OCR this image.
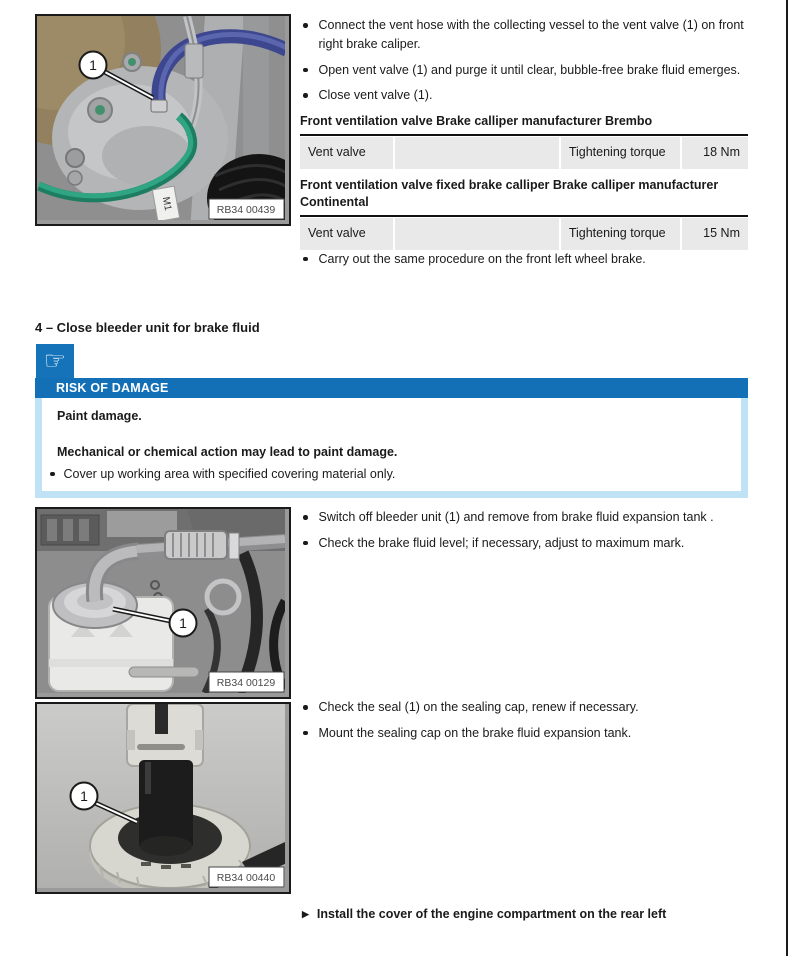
M1
1
RB34 00439
Connect the vent hose with the collecting vessel to the vent valve (1) on front right brake caliper.
Open vent valve (1) and purge it until clear, bubble-free brake fluid emerges.
Close vent valve (1).
Front ventilation valve Brake calliper manufacturer Brembo
Vent valve	Tightening torque	18 Nm
Front ventilation valve fixed brake calliper Brake calliper manufacturer Continental
Vent valve	Tightening torque	15 Nm
Carry out the same procedure on the front left wheel brake.
4 – Close bleeder unit for brake fluid
☞
RISK OF DAMAGE

Paint damage.

Mechanical or chemical action may lead to paint damage.

Cover up working area with specified covering material only.
1
RB34 00129
Switch off bleeder unit (1) and remove from brake fluid expansion tank .
Check the brake fluid level; if necessary, adjust to maximum mark.
1
RB34 00440
Check the seal (1) on the sealing cap, renew if necessary.
Mount the sealing cap on the brake fluid expansion tank.
▶ Install the cover of the engine compartment on the rear left
